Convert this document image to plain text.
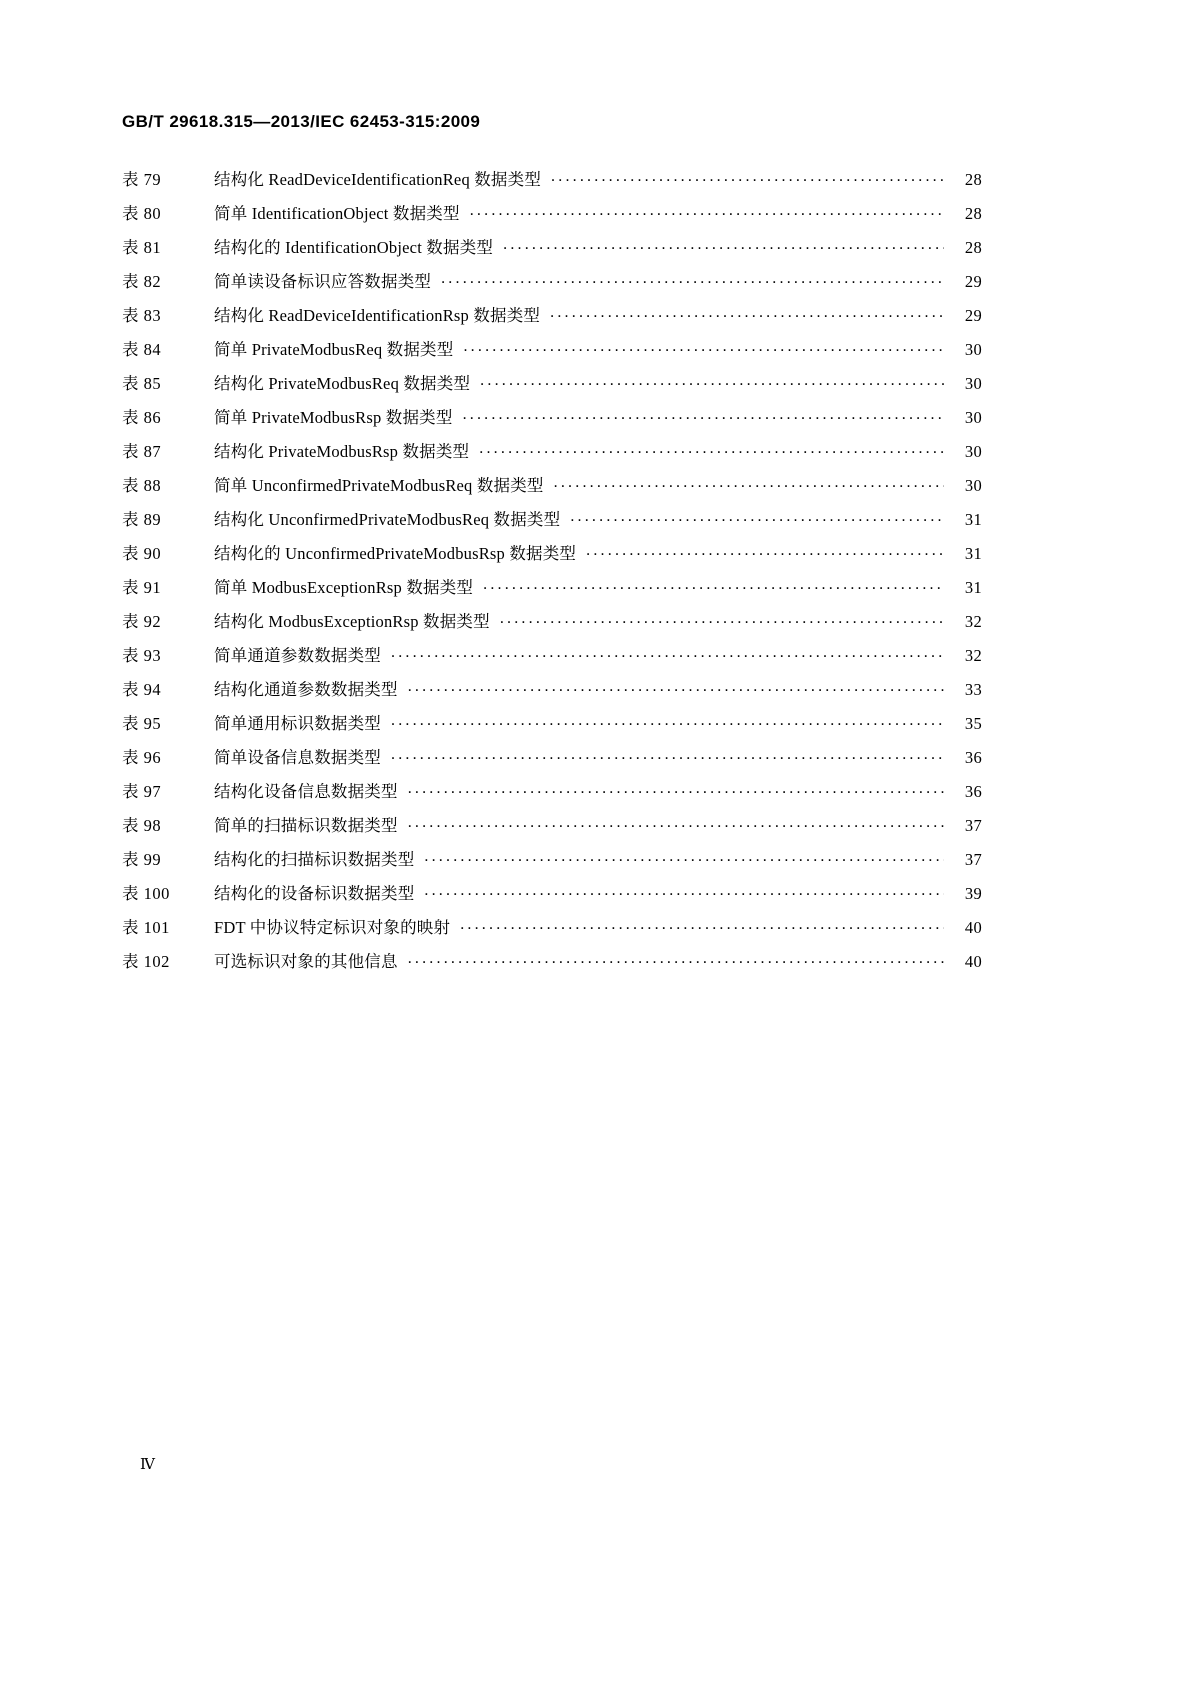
GB/T 29618.315—2013/IEC 62453-315:2009
表 79	结构化 ReadDeviceIdentificationReq 数据类型 .....	28
表 80	简单 IdentificationObject 数据类型 .....	28
表 81	结构化的 IdentificationObject 数据类型 .....	28
表 82	简单读设备标识应答数据类型 .....	29
表 83	结构化 ReadDeviceIdentificationRsp 数据类型 .....	29
表 84	简单 PrivateModbusReq 数据类型 .....	30
表 85	结构化 PrivateModbusReq 数据类型 .....	30
表 86	简单 PrivateModbusRsp 数据类型 .....	30
表 87	结构化 PrivateModbusRsp 数据类型 .....	30
表 88	简单 UnconfirmedPrivateModbusReq 数据类型 .....	30
表 89	结构化 UnconfirmedPrivateModbusReq 数据类型 .....	31
表 90	结构化的 UnconfirmedPrivateModbusRsp 数据类型 .....	31
表 91	简单 ModbusExceptionRsp 数据类型 .....	31
表 92	结构化 ModbusExceptionRsp 数据类型 .....	32
表 93	简单通道参数数据类型 .....	32
表 94	结构化通道参数数据类型 .....	33
表 95	简单通用标识数据类型 .....	35
表 96	简单设备信息数据类型 .....	36
表 97	结构化设备信息数据类型 .....	36
表 98	简单的扫描标识数据类型 .....	37
表 99	结构化的扫描标识数据类型 .....	37
表 100	结构化的设备标识数据类型 .....	39
表 101	FDT 中协议特定标识对象的映射 .....	40
表 102	可选标识对象的其他信息 .....	40
Ⅳ
